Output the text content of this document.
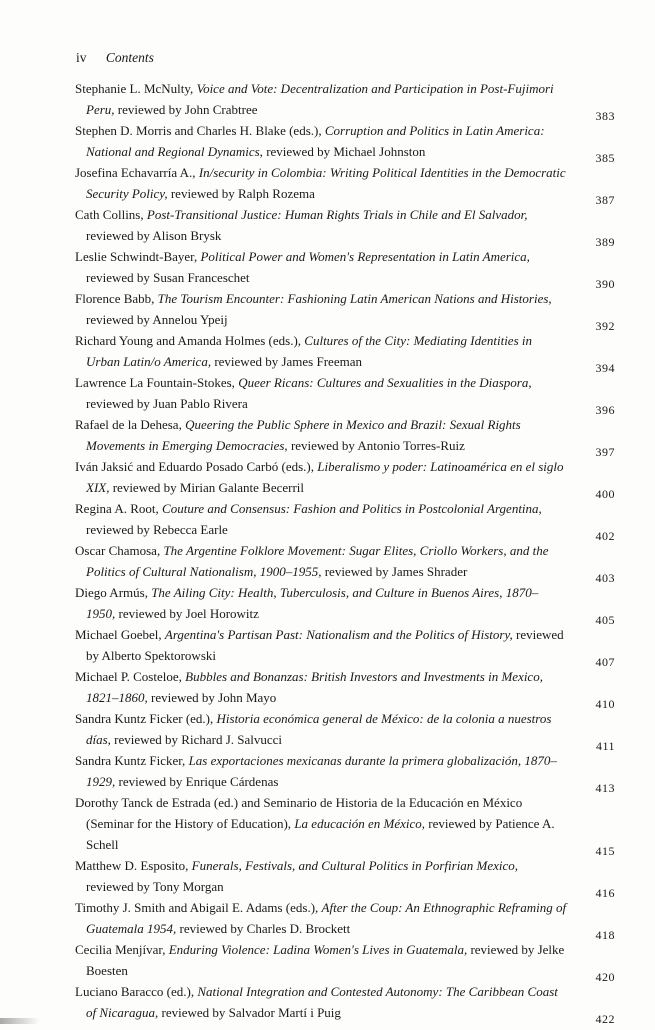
iv Contents
Stephanie L. McNulty, Voice and Vote: Decentralization and Participation in Post-Fujimori Peru, reviewed by John Crabtree	383
Stephen D. Morris and Charles H. Blake (eds.), Corruption and Politics in Latin America: National and Regional Dynamics, reviewed by Michael Johnston	385
Josefina Echavarría A., In/security in Colombia: Writing Political Identities in the Democratic Security Policy, reviewed by Ralph Rozema	387
Cath Collins, Post-Transitional Justice: Human Rights Trials in Chile and El Salvador, reviewed by Alison Brysk	389
Leslie Schwindt-Bayer, Political Power and Women's Representation in Latin America, reviewed by Susan Franceschet	390
Florence Babb, The Tourism Encounter: Fashioning Latin American Nations and Histories, reviewed by Annelou Ypeij	392
Richard Young and Amanda Holmes (eds.), Cultures of the City: Mediating Identities in Urban Latin/o America, reviewed by James Freeman	394
Lawrence La Fountain-Stokes, Queer Ricans: Cultures and Sexualities in the Diaspora, reviewed by Juan Pablo Rivera	396
Rafael de la Dehesa, Queering the Public Sphere in Mexico and Brazil: Sexual Rights Movements in Emerging Democracies, reviewed by Antonio Torres-Ruiz	397
Iván Jaksić and Eduardo Posado Carbó (eds.), Liberalismo y poder: Latinoamérica en el siglo XIX, reviewed by Mirian Galante Becerril	400
Regina A. Root, Couture and Consensus: Fashion and Politics in Postcolonial Argentina, reviewed by Rebecca Earle	402
Oscar Chamosa, The Argentine Folklore Movement: Sugar Elites, Criollo Workers, and the Politics of Cultural Nationalism, 1900–1955, reviewed by James Shrader	403
Diego Armús, The Ailing City: Health, Tuberculosis, and Culture in Buenos Aires, 1870–1950, reviewed by Joel Horowitz	405
Michael Goebel, Argentina's Partisan Past: Nationalism and the Politics of History, reviewed by Alberto Spektorowski	407
Michael P. Costeloe, Bubbles and Bonanzas: British Investors and Investments in Mexico, 1821–1860, reviewed by John Mayo	410
Sandra Kuntz Ficker (ed.), Historia económica general de México: de la colonia a nuestros días, reviewed by Richard J. Salvucci	411
Sandra Kuntz Ficker, Las exportaciones mexicanas durante la primera globalización, 1870–1929, reviewed by Enrique Cárdenas	413
Dorothy Tanck de Estrada (ed.) and Seminario de Historia de la Educación en México (Seminar for the History of Education), La educación en México, reviewed by Patience A. Schell	415
Matthew D. Esposito, Funerals, Festivals, and Cultural Politics in Porfirian Mexico, reviewed by Tony Morgan	416
Timothy J. Smith and Abigail E. Adams (eds.), After the Coup: An Ethnographic Reframing of Guatemala 1954, reviewed by Charles D. Brockett	418
Cecilia Menjívar, Enduring Violence: Ladina Women's Lives in Guatemala, reviewed by Jelke Boesten	420
Luciano Baracco (ed.), National Integration and Contested Autonomy: The Caribbean Coast of Nicaragua, reviewed by Salvador Martí i Puig	422
